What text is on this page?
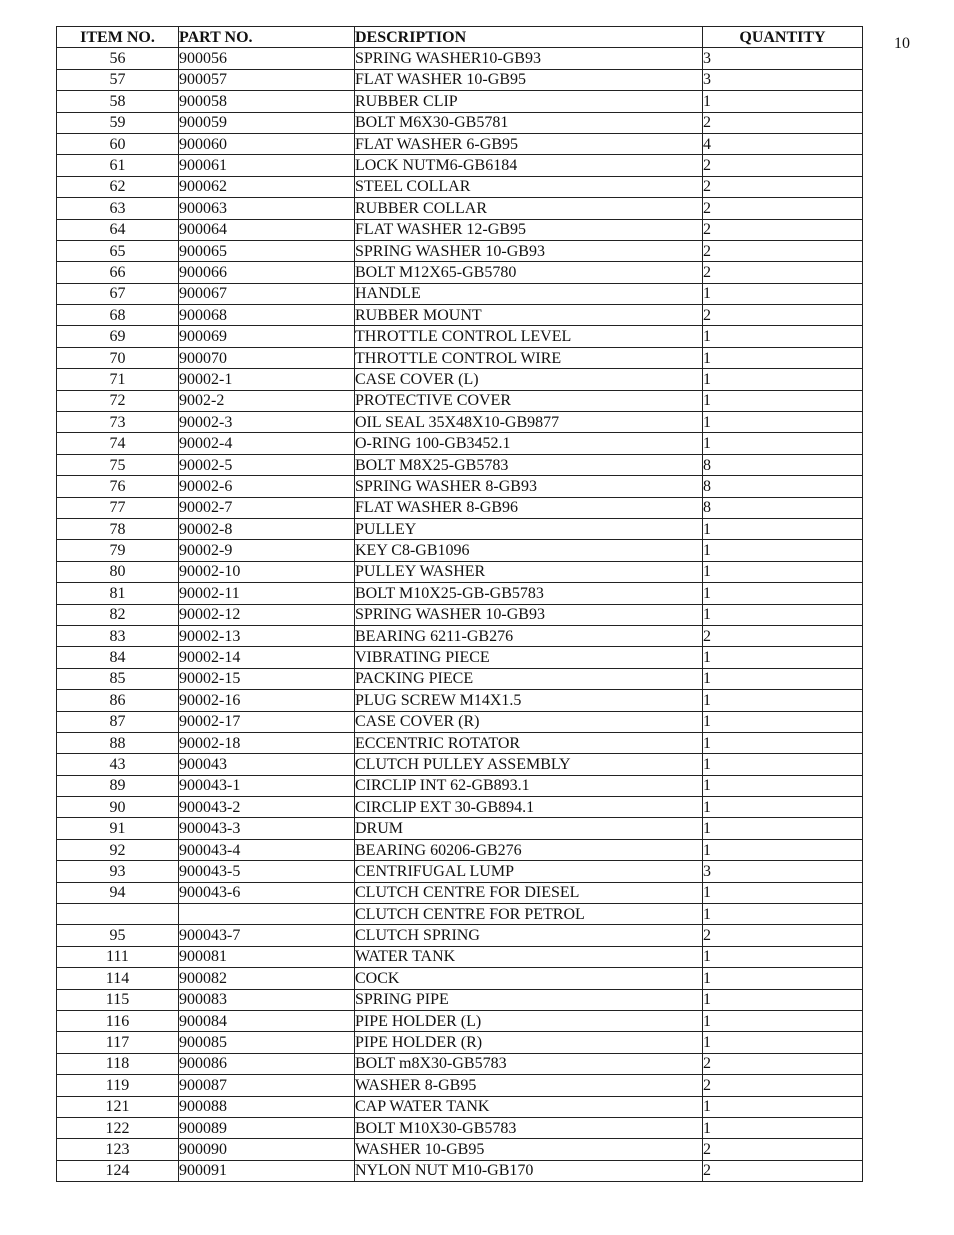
10
ITEM NO.	PART NO.	DESCRIPTION	QUANTITY
56	900056	SPRING WASHER10-GB93	3
57	900057	FLAT WASHER 10-GB95	3
58	900058	RUBBER CLIP	1
59	900059	BOLT M6X30-GB5781	2
60	900060	FLAT WASHER 6-GB95	4
61	900061	LOCK NUTM6-GB6184	2
62	900062	STEEL COLLAR	2
63	900063	RUBBER COLLAR	2
64	900064	FLAT WASHER 12-GB95	2
65	900065	SPRING WASHER 10-GB93	2
66	900066	BOLT M12X65-GB5780	2
67	900067	HANDLE	1
68	900068	RUBBER MOUNT	2
69	900069	THROTTLE CONTROL LEVEL	1
70	900070	THROTTLE CONTROL WIRE	1
71	90002-1	CASE COVER (L)	1
72	9002-2	PROTECTIVE COVER	1
73	90002-3	OIL SEAL 35X48X10-GB9877	1
74	90002-4	O-RING 100-GB3452.1	1
75	90002-5	BOLT M8X25-GB5783	8
76	90002-6	SPRING WASHER 8-GB93	8
77	90002-7	FLAT WASHER 8-GB96	8
78	90002-8	PULLEY	1
79	90002-9	KEY C8-GB1096	1
80	90002-10	PULLEY WASHER	1
81	90002-11	BOLT M10X25-GB-GB5783	1
82	90002-12	SPRING WASHER 10-GB93	1
83	90002-13	BEARING 6211-GB276	2
84	90002-14	VIBRATING PIECE	1
85	90002-15	PACKING PIECE	1
86	90002-16	PLUG SCREW M14X1.5	1
87	90002-17	CASE COVER (R)	1
88	90002-18	ECCENTRIC ROTATOR	1
43	900043	CLUTCH PULLEY ASSEMBLY	1
89	900043-1	CIRCLIP INT 62-GB893.1	1
90	900043-2	CIRCLIP EXT 30-GB894.1	1
91	900043-3	DRUM	1
92	900043-4	BEARING 60206-GB276	1
93	900043-5	CENTRIFUGAL LUMP	3
94	900043-6	CLUTCH CENTRE FOR DIESEL	1
		CLUTCH CENTRE FOR PETROL	1
95	900043-7	CLUTCH SPRING	2
111	900081	WATER TANK	1
114	900082	COCK	1
115	900083	SPRING PIPE	1
116	900084	PIPE HOLDER (L)	1
117	900085	PIPE HOLDER (R)	1
118	900086	BOLT m8X30-GB5783	2
119	900087	WASHER 8-GB95	2
121	900088	CAP WATER TANK	1
122	900089	BOLT M10X30-GB5783	1
123	900090	WASHER 10-GB95	2
124	900091	NYLON NUT M10-GB170	2
